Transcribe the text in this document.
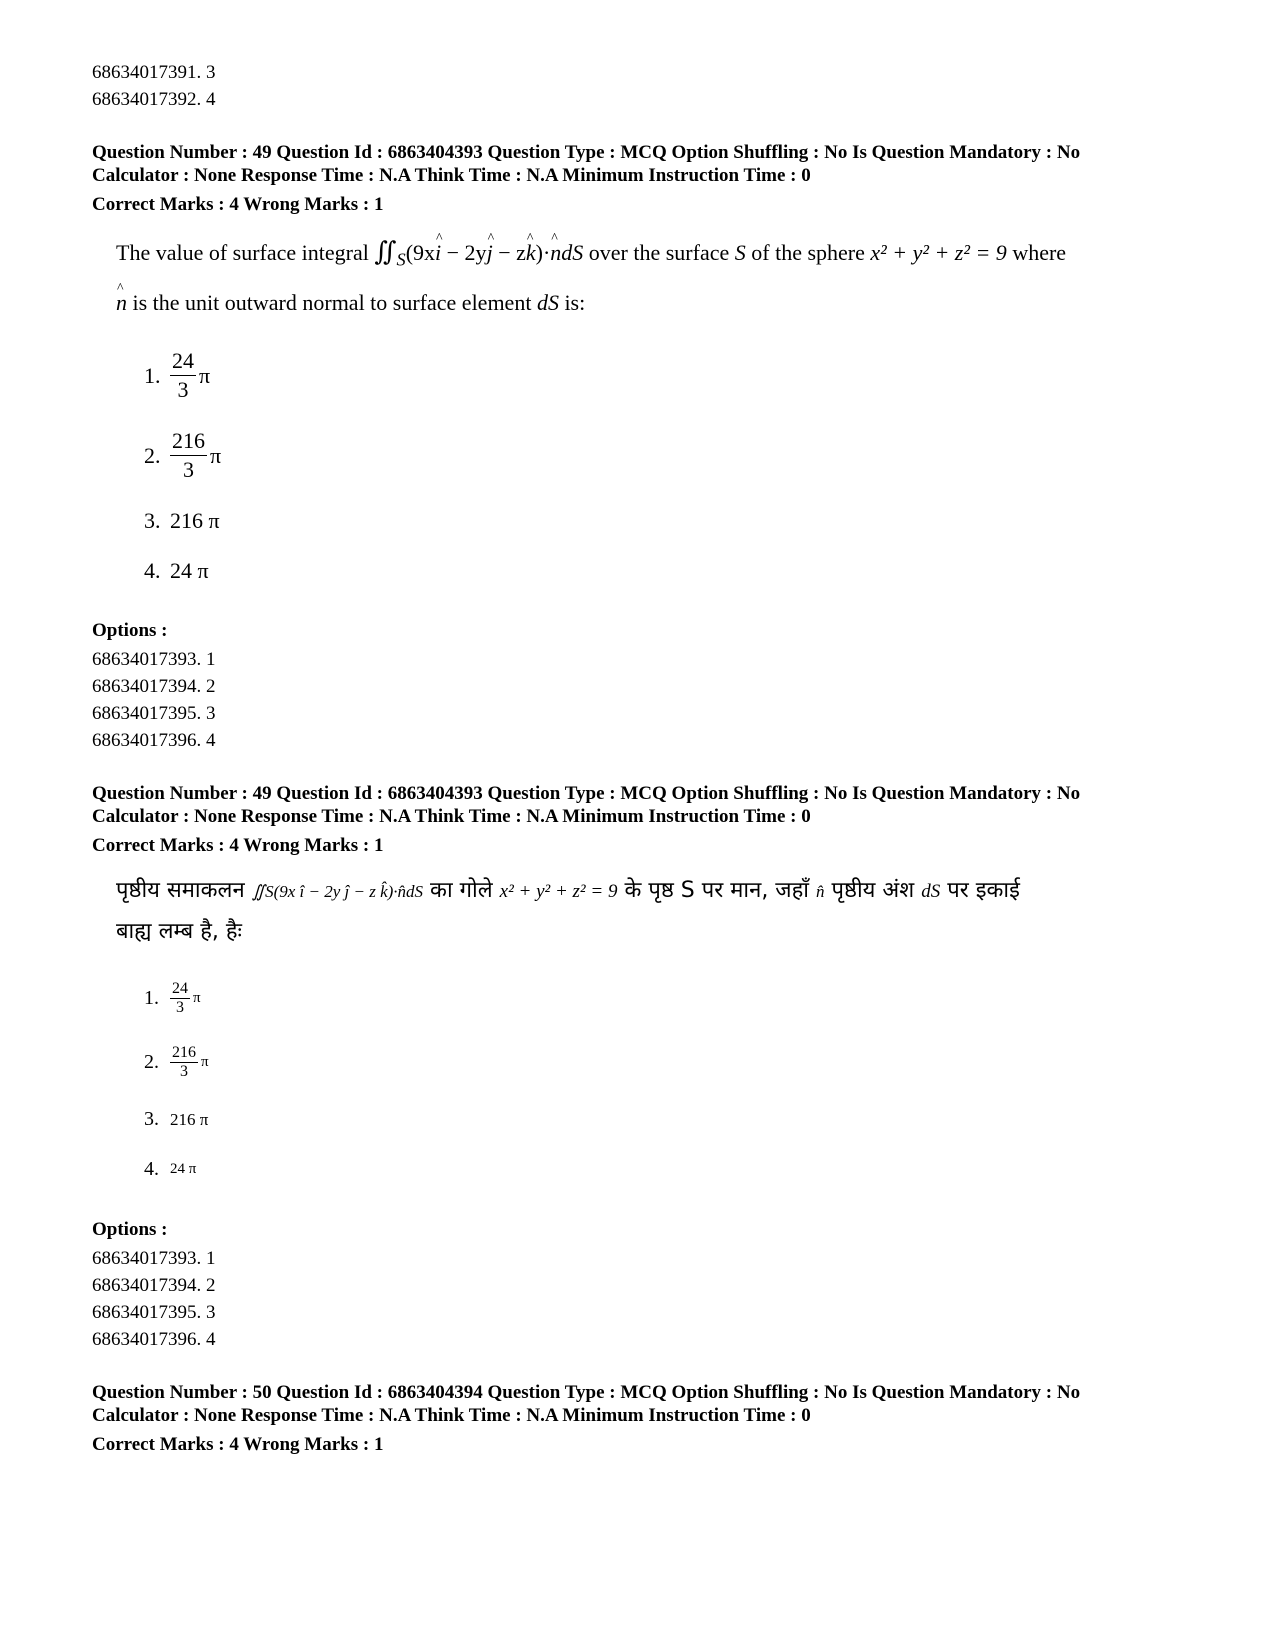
68634017391. 3

68634017392. 4

Question Number : 49 Question Id : 6863404393 Question Type : MCQ Option Shuffling : No Is Question Mandatory : No

Calculator : None Response Time : N.A Think Time : N.A Minimum Instruction Time : 0

Correct Marks : 4 Wrong Marks : 1

The value of surface integral $∬_S(9x\^{}$ i − 2y^ j − z^ k)·^ ndS over the surface S of the sphere x² + y² + z² = 9 where
^ n is the unit outward normal to surface element dS is:
1. $\frac{24}{3}$ π
2. $\frac{216}{3}$ π
3. 216 π
4. 24 π

Options :

68634017393. 1

68634017394. 2

68634017395. 3

68634017396. 4

Question Number : 49 Question Id : 6863404393 Question Type : MCQ Option Shuffling : No Is Question Mandatory : No

Calculator : None Response Time : N.A Think Time : N.A Minimum Instruction Time : 0

Correct Marks : 4 Wrong Marks : 1

पृष्ठीय समाकलन ∬S(9x î − 2y ĵ − z k̂)·n̂dS का गोले x² + y² + z² = 9 के पृष्ठ S पर मान, जहाँ n̂ पृष्ठीय अंश dS पर इकाई
बाह्य लम्ब है, हैः
1. $\frac{24}{3}$ π
2. $\frac{216}{3}$ π
3. 216 π
4. 24 π

Options :

68634017393. 1

68634017394. 2

68634017395. 3

68634017396. 4

Question Number : 50 Question Id : 6863404394 Question Type : MCQ Option Shuffling : No Is Question Mandatory : No

Calculator : None Response Time : N.A Think Time : N.A Minimum Instruction Time : 0

Correct Marks : 4 Wrong Marks : 1
